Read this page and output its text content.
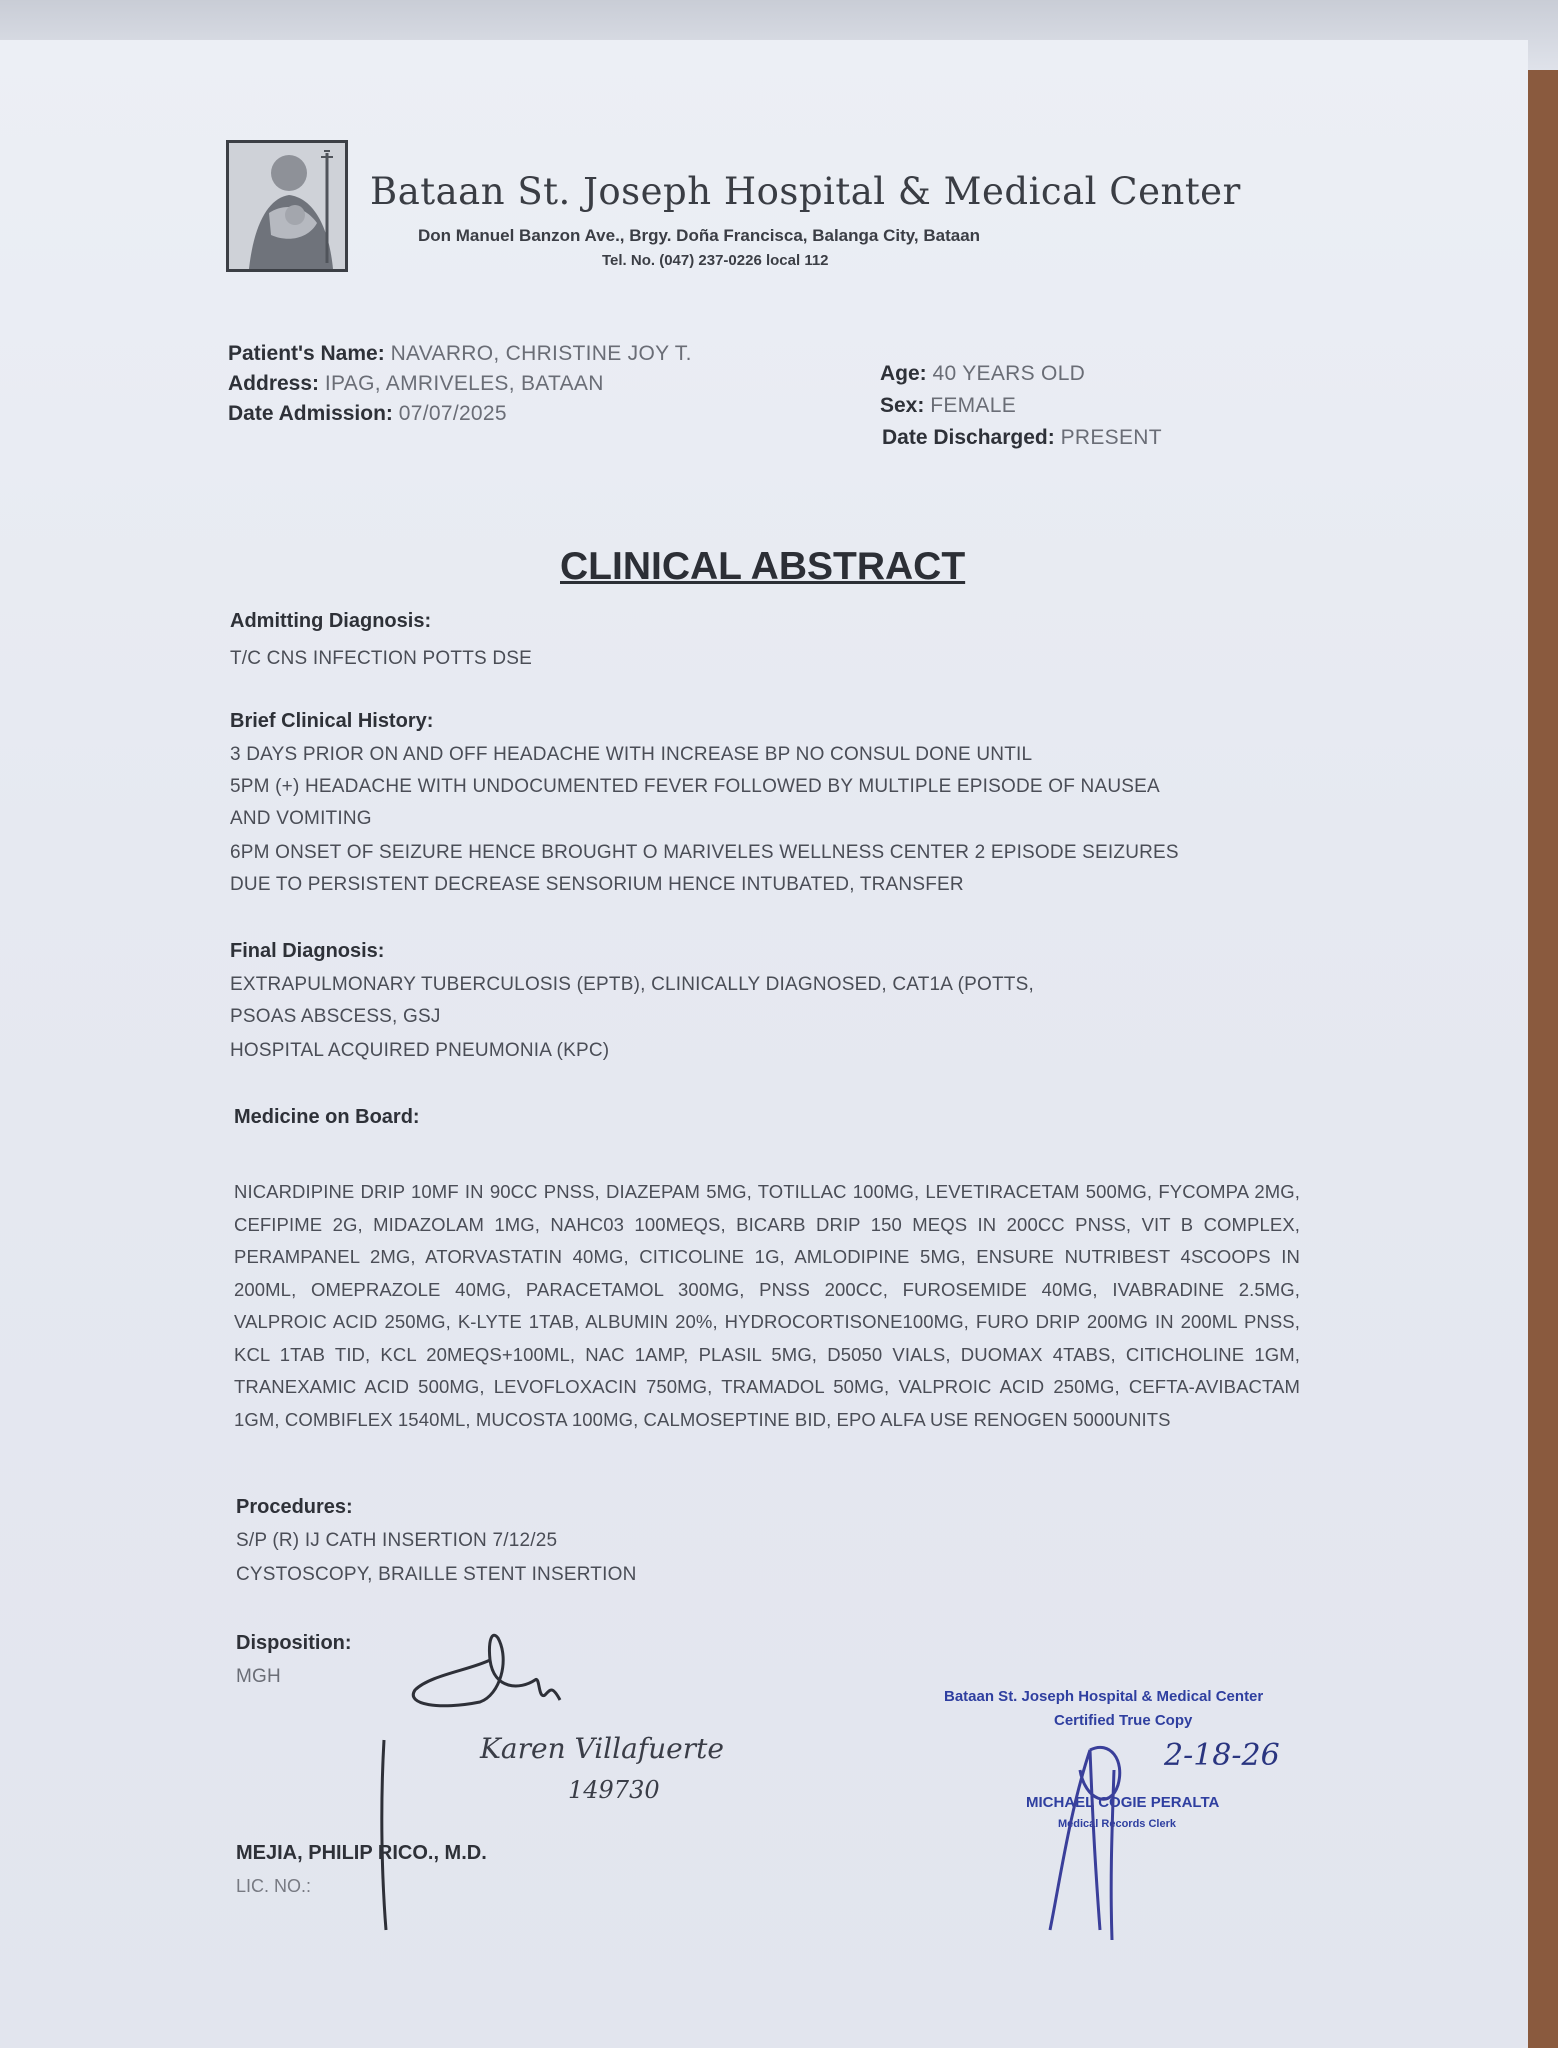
Bataan St. Joseph Hospital & Medical Center
Don Manuel Banzon Ave., Brgy. Doña Francisca, Balanga City, Bataan
Tel. No. (047) 237-0226 local 112
Patient's Name: NAVARRO, CHRISTINE JOY T.
Address: IPAG, AMRIVELES, BATAAN
Date Admission: 07/07/2025
Age: 40 YEARS OLD
Sex: FEMALE
Date Discharged: PRESENT
CLINICAL ABSTRACT
Admitting Diagnosis:
T/C CNS INFECTION POTTS DSE
Brief Clinical History:
3 DAYS PRIOR ON AND OFF HEADACHE WITH INCREASE BP NO CONSUL DONE UNTIL
5PM (+) HEADACHE WITH UNDOCUMENTED FEVER FOLLOWED BY MULTIPLE EPISODE OF NAUSEA
AND VOMITING
6PM ONSET OF SEIZURE HENCE BROUGHT O MARIVELES WELLNESS CENTER 2 EPISODE SEIZURES
DUE TO PERSISTENT DECREASE SENSORIUM HENCE INTUBATED, TRANSFER
Final Diagnosis:
EXTRAPULMONARY TUBERCULOSIS (EPTB), CLINICALLY DIAGNOSED, CAT1A (POTTS,
PSOAS ABSCESS, GSJ
HOSPITAL ACQUIRED PNEUMONIA (KPC)
Medicine on Board:
NICARDIPINE DRIP 10MF IN 90CC PNSS, DIAZEPAM 5MG, TOTILLAC 100MG, LEVETIRACETAM 500MG, FYCOMPA 2MG, CEFIPIME 2G, MIDAZOLAM 1MG, NAHC03 100MEQS, BICARB DRIP 150 MEQS IN 200CC PNSS, VIT B COMPLEX, PERAMPANEL 2MG, ATORVASTATIN 40MG, CITICOLINE 1G, AMLODIPINE 5MG, ENSURE NUTRIBEST 4SCOOPS IN 200ML, OMEPRAZOLE 40MG, PARACETAMOL 300MG, PNSS 200CC, FUROSEMIDE 40MG, IVABRADINE 2.5MG, VALPROIC ACID 250MG, K-LYTE 1TAB, ALBUMIN 20%, HYDROCORTISONE100MG, FURO DRIP 200MG IN 200ML PNSS, KCL 1TAB TID, KCL 20MEQS+100ML, NAC 1AMP, PLASIL 5MG, D5050 VIALS, DUOMAX 4TABS, CITICHOLINE 1GM, TRANEXAMIC ACID 500MG, LEVOFLOXACIN 750MG, TRAMADOL 50MG, VALPROIC ACID 250MG, CEFTA-AVIBACTAM 1GM, COMBIFLEX 1540ML, MUCOSTA 100MG, CALMOSEPTINE BID, EPO ALFA USE RENOGEN 5000UNITS
Procedures:
S/P (R) IJ CATH INSERTION 7/12/25
CYSTOSCOPY, BRAILLE STENT INSERTION
Disposition:
MGH
Karen Villafuerte
149730
MEJIA, PHILIP RICO., M.D.
LIC. NO.:
Bataan St. Joseph Hospital & Medical Center
Certified True Copy
2-18-26
MICHAEL COGIE PERALTA
Medical Records Clerk
